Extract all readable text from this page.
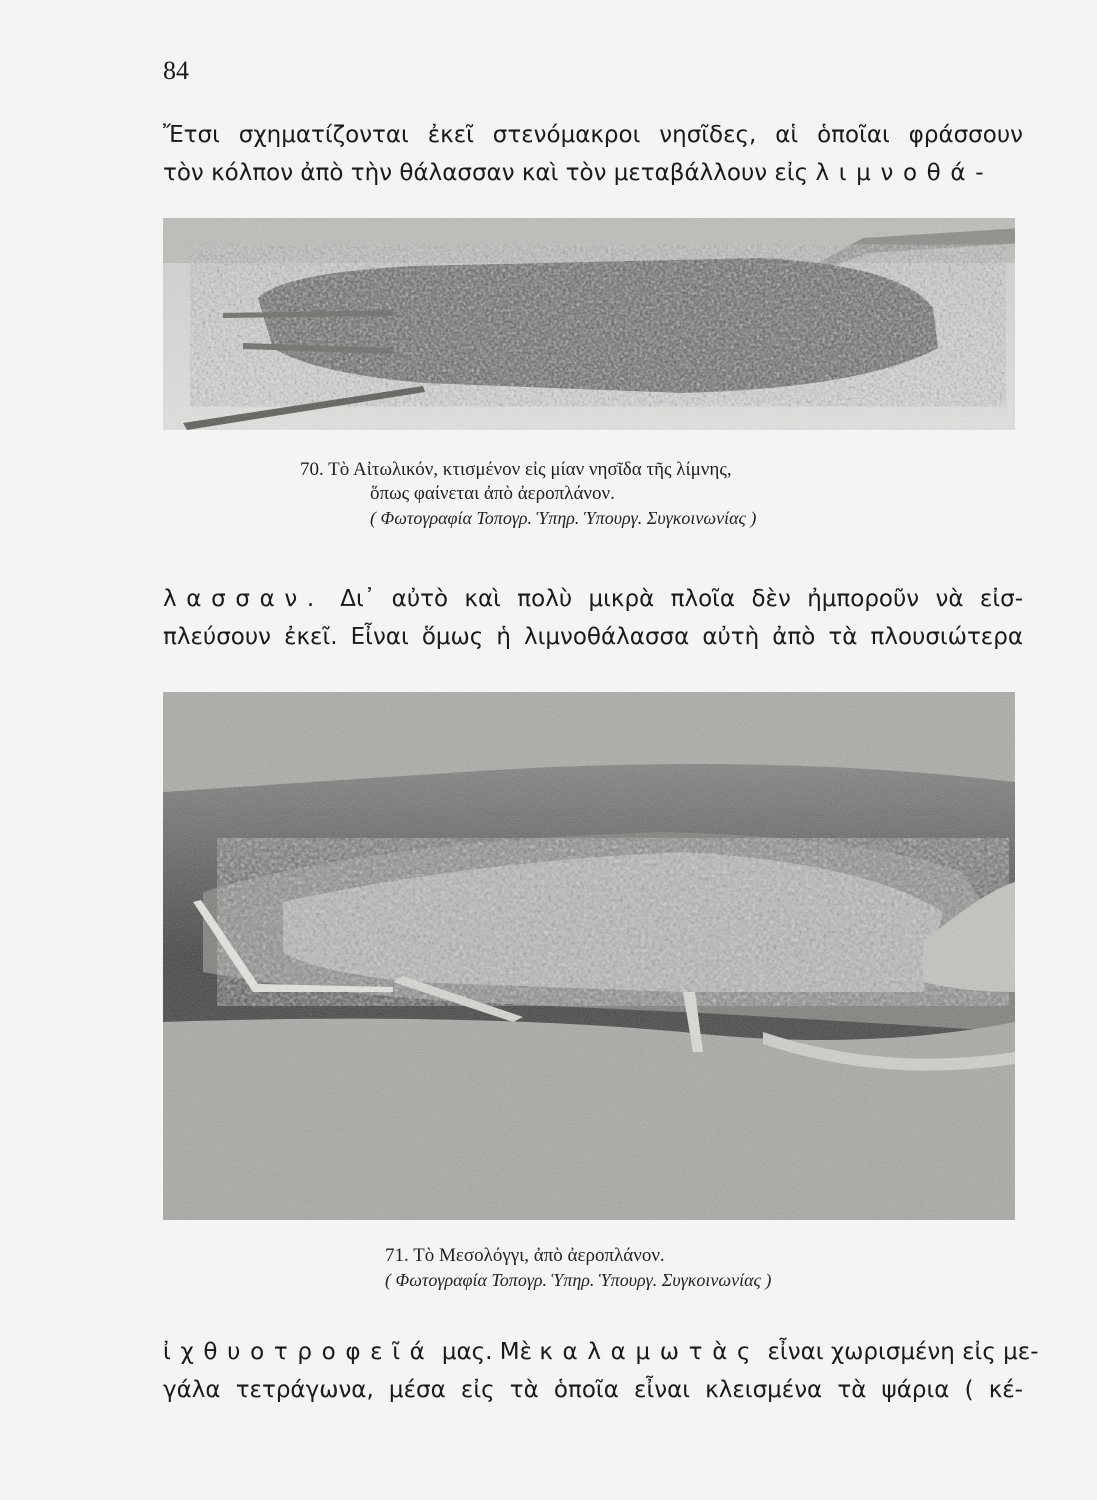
84

Ἔτσι σχηματίζονται ἐκεῖ στενόμακροι νησῖδες, αἱ ὁποῖαι φράσσουν
τὸν κόλπον ἀπὸ τὴν θάλασσαν καὶ τὸν μεταβάλλουν εἰς λιμνοθά-

70. Τὸ Αἰτωλικόν, κτισμένον εἰς μίαν νησῖδα τῆς λίμνης,
ὅπως φαίνεται ἀπὸ ἀεροπλάνον.
( Φωτογραφία Τοπογρ. Ὑπηρ. Ὑπουργ. Συγκοινωνίας )

λασσαν. Δι᾿ αὐτὸ καὶ πολὺ μικρὰ πλοῖα δὲν ἠμποροῦν νὰ εἰσ-
πλεύσουν ἐκεῖ. Εἶναι ὅμως ἡ λιμνοθάλασσα αὐτὴ ἀπὸ τὰ πλουσιώτερα

71. Τὸ Μεσολόγγι, ἀπὸ ἀεροπλάνον.
( Φωτογραφία Τοπογρ. Ὑπηρ. Ὑπουργ. Συγκοινωνίας )

ἰχθυοτροφεῖά μας. Μὲ καλαμωτὰς εἶναι χωρισμένη εἰς με-
γάλα τετράγωνα, μέσα εἰς τὰ ὁποῖα εἶναι κλεισμένα τὰ ψάρια ( κέ-
